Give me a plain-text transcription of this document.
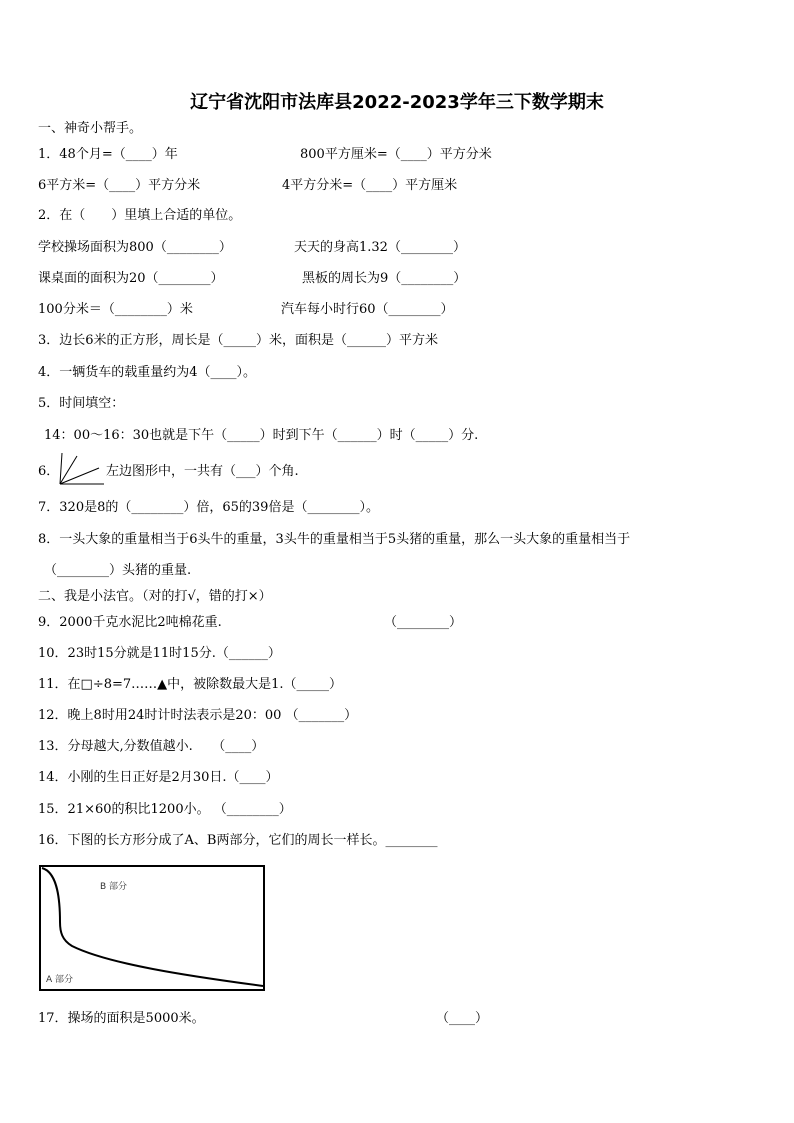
辽宁省沈阳市法库县2022-2023学年三下数学期末
一、神奇小帮手。
1．48个月=（____）年	800平方厘米=（____）平方分米
6平方米=（____）平方分米	4平方分米=（____）平方厘米
2．在（　　）里填上合适的单位。
学校操场面积为800（________）	天天的身高1.32（________）
课桌面的面积为20（________）	黑板的周长为9（________）
100分米＝（________）米	汽车每小时行60（________）
3．边长6米的正方形，周长是（_____）米，面积是（______）平方米
4．一辆货车的载重量约为4（____）。
5．时间填空：
14：00～16：30也就是下午（_____）时到下午（______）时（_____）分.
6．	左边图形中，一共有（___）个角.
7．320是8的（________）倍，65的39倍是（________）。
8．一头大象的重量相当于6头牛的重量，3头牛的重量相当于5头猪的重量，那么一头大象的重量相当于
（________）头猪的重量.
二、我是小法官。（对的打√，错的打×）
9．2000千克水泥比2吨棉花重.	（________）
10．23时15分就是11时15分.（______）
11．在□÷8=7……▲中，被除数最大是1.（_____）
12．晚上8时用24时计时法表示是20：00 （_______）
13．分母越大,分数值越小.　　（____）
14．小刚的生日正好是2月30日.（____）
15．21×60的积比1200小。 （________）
16．下图的长方形分成了A、B两部分，它们的周长一样长。________
B 部分
A 部分
17．操场的面积是5000米。	（____）
